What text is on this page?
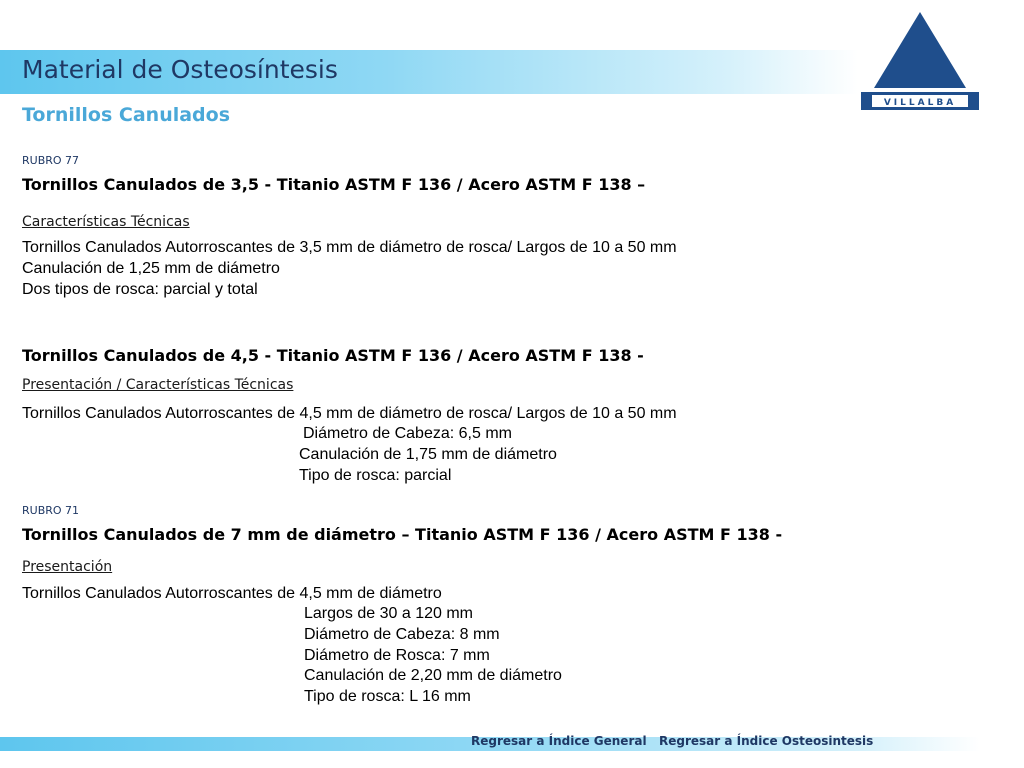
Material de Osteosíntesis
Tornillos Canulados
VILLALBA
RUBRO 77
Tornillos Canulados de 3,5 - Titanio ASTM F 136 / Acero ASTM F 138 –
Características Técnicas
Tornillos Canulados Autorroscantes de 3,5 mm de diámetro de rosca/ Largos de 10 a 50 mm
Canulación de 1,25 mm de diámetro
Dos tipos de rosca: parcial y total
Tornillos Canulados de 4,5 - Titanio ASTM F 136 / Acero ASTM F 138 -
Presentación / Características Técnicas
Tornillos Canulados Autorroscantes de 4,5 mm de diámetro de rosca/ Largos de 10 a 50 mm
Diámetro de Cabeza: 6,5 mm
Canulación de 1,75 mm de diámetro
Tipo de rosca: parcial
RUBRO 71
Tornillos Canulados de 7 mm de diámetro – Titanio ASTM F 136 / Acero ASTM F 138 -
Presentación
Tornillos Canulados Autorroscantes de 4,5 mm de diámetro
Largos de 30 a 120 mm
Diámetro de Cabeza: 8 mm
Diámetro de Rosca: 7 mm
Canulación de 2,20 mm de diámetro
Tipo de rosca: L 16 mm
Regresar a Índice General Regresar a Índice Osteosintesis
